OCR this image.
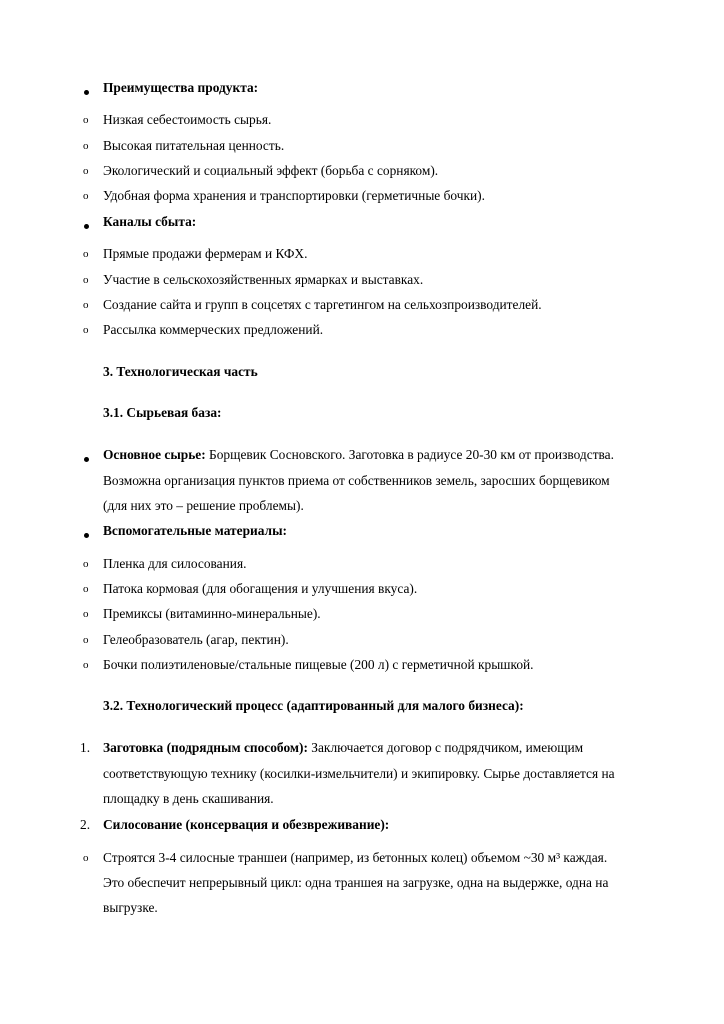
Преимущества продукта:
o Низкая себестоимость сырья.
o Высокая питательная ценность.
o Экологический и социальный эффект (борьба с сорняком).
o Удобная форма хранения и транспортировки (герметичные бочки).
Каналы сбыта:
o Прямые продажи фермерам и КФХ.
o Участие в сельскохозяйственных ярмарках и выставках.
o Создание сайта и групп в соцсетях с таргетингом на сельхозпроизводителей.
o Рассылка коммерческих предложений.
3. Технологическая часть
3.1. Сырьевая база:
Основное сырье: Борщевик Сосновского. Заготовка в радиусе 20-30 км от производства.
Возможна организация пунктов приема от собственников земель, заросших борщевиком
(для них это – решение проблемы).
Вспомогательные материалы:
o Пленка для силосования.
o Патока кормовая (для обогащения и улучшения вкуса).
o Премиксы (витаминно-минеральные).
o Гелеобразователь (агар, пектин).
o Бочки полиэтиленовые/стальные пищевые (200 л) с герметичной крышкой.
3.2. Технологический процесс (адаптированный для малого бизнеса):
1. Заготовка (подрядным способом): Заключается договор с подрядчиком, имеющим
соответствующую технику (косилки-измельчители) и экипировку. Сырье доставляется на
площадку в день скашивания.
2. Силосование (консервация и обезвреживание):
o Строятся 3-4 силосные траншеи (например, из бетонных колец) объемом ~30 м³ каждая.
Это обеспечит непрерывный цикл: одна траншея на загрузке, одна на выдержке, одна на
выгрузке.
